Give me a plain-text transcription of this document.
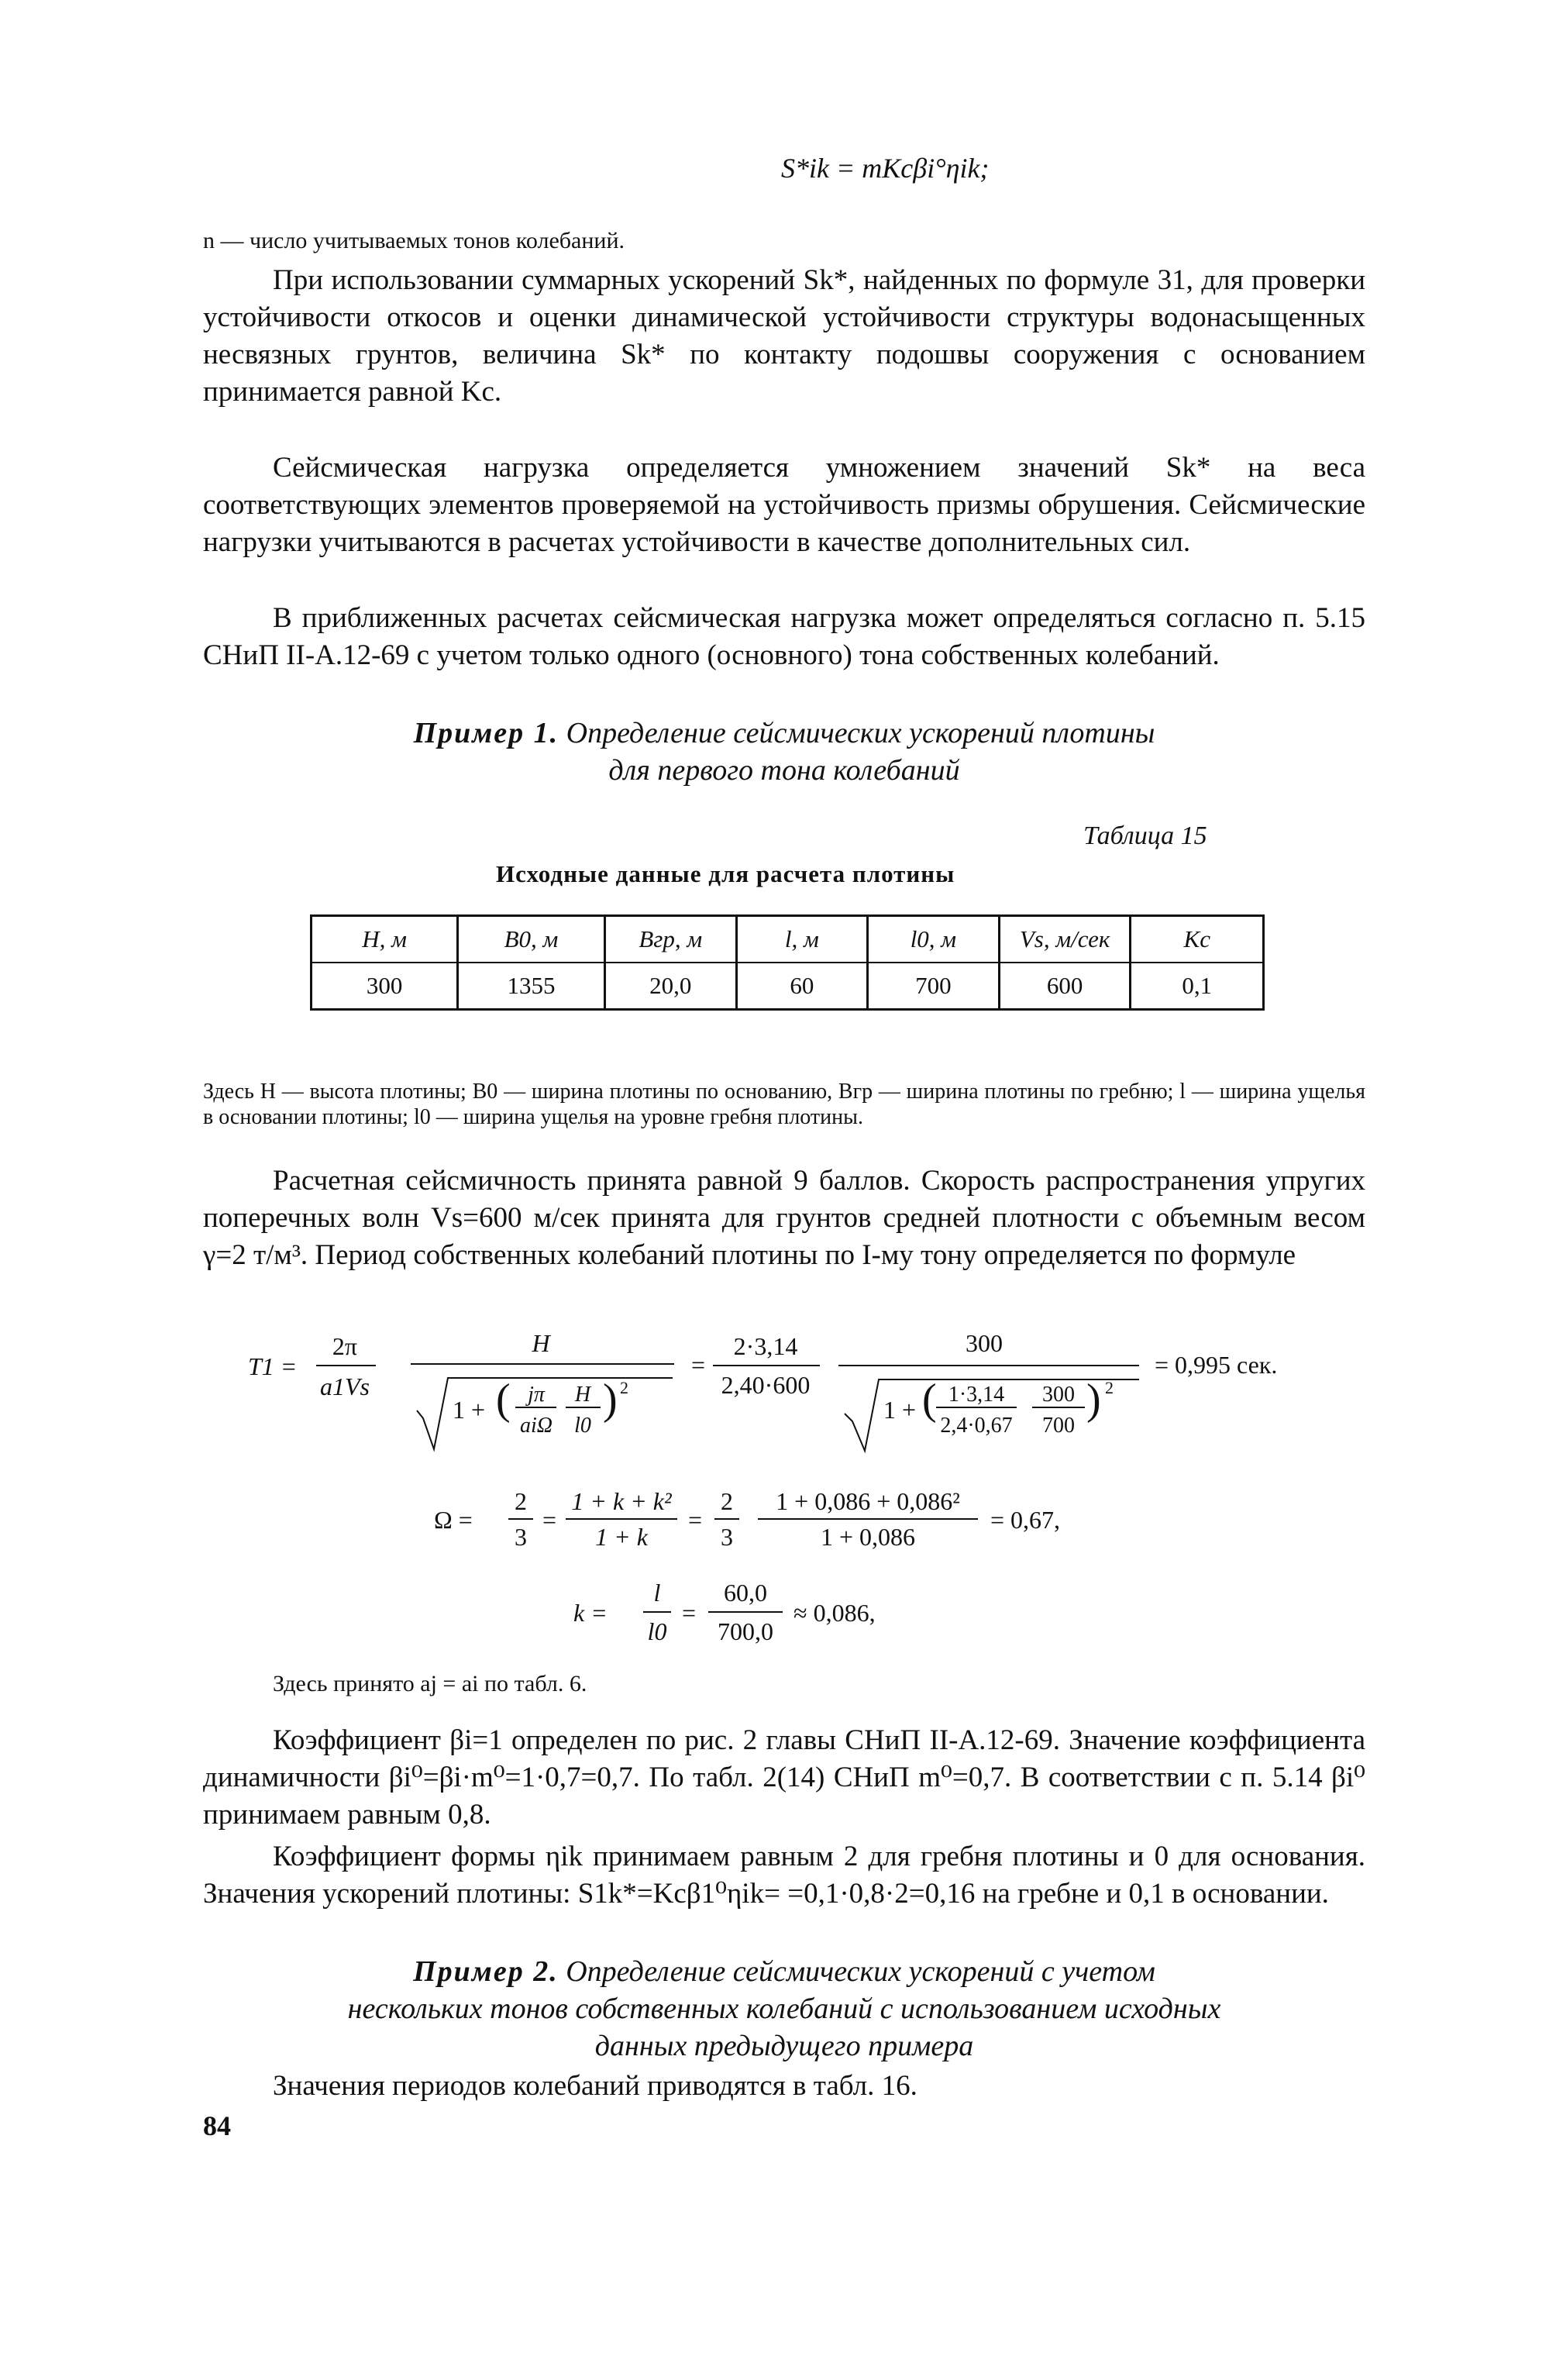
S*ik = mKcβi°ηik;
n — число учитываемых тонов колебаний.
При использовании суммарных ускорений Sk*, найденных по формуле 31, для проверки устойчивости откосов и оценки динамической устойчивости структуры водонасыщенных несвязных грунтов, величина Sk* по контакту подошвы сооружения с основанием принимается равной Kс.
Сейсмическая нагрузка определяется умножением значений Sk* на веса соответствующих элементов проверяемой на устойчивость призмы обрушения. Сейсмические нагрузки учитываются в расчетах устойчивости в качестве дополнительных сил.
В приближенных расчетах сейсмическая нагрузка может определяться согласно п. 5.15 СНиП II-А.12-69 с учетом только одного (основного) тона собственных колебаний.
Пример 1. Определение сейсмических ускорений плотины
для первого тона колебаний
Таблица 15
Исходные данные для расчета плотины
H, м	B0, м	Bгр, м	l, м	l0, м	Vs, м/сек	Kc
300	1355	20,0	60	700	600	0,1
Здесь H — высота плотины; B0 — ширина плотины по основанию, Bгр — ширина плотины по гребню; l — ширина ущелья в основании плотины; l0 — ширина ущелья на уровне гребня плотины.
Расчетная сейсмичность принята равной 9 баллов. Скорость распространения упругих поперечных волн Vs=600 м/сек принята для грунтов средней плотности с объемным весом γ=2 т/м³. Период собственных колебаний плотины по I-му тону определяется по формуле
T1 =
2π
a1Vs
H
1 + ( jπ
aiΩ
H
l0
) 2
=
2·3,14
2,40·600
300
1 + ( 1·3,14
2,4·0,67
300
700
) 2
= 0,995 сек.
Ω =
2
3
=
1 + k + k²
1 + k
=
2
3
1 + 0,086 + 0,086²
1 + 0,086
= 0,67,
k =
l
l0
=
60,0
700,0
≈ 0,086,
Здесь принято aj = ai по табл. 6.
Коэффициент βi=1 определен по рис. 2 главы СНиП II-А.12-69. Значение коэффициента динамичности βi⁰=βi·m⁰=1·0,7=0,7. По табл. 2(14) СНиП m⁰=0,7. В соответствии с п. 5.14 βi⁰ принимаем равным 0,8.
Коэффициент формы ηik принимаем равным 2 для гребня плотины и 0 для основания. Значения ускорений плотины: S1k*=Kcβ1⁰ηik= =0,1·0,8·2=0,16 на гребне и 0,1 в основании.
Пример 2. Определение сейсмических ускорений с учетом
нескольких тонов собственных колебаний с использованием исходных
данных предыдущего примера
Значения периодов колебаний приводятся в табл. 16.
84
